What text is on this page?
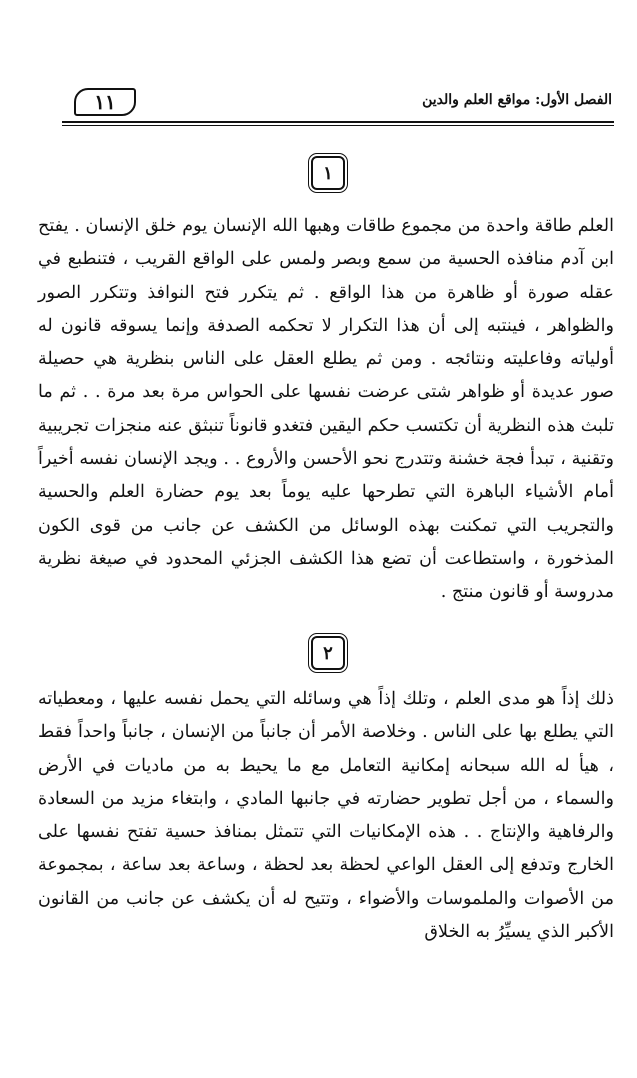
١١	الفصل الأول: مواقع العلم والدين
١

العلم طاقة واحدة من مجموع طاقات وهبها الله الإنسان يوم خلق الإنسان . يفتح ابن آدم منافذه الحسية من سمع وبصر ولمس على الواقع القريب ، فتنطبع في عقله صورة أو ظاهرة من هذا الواقع . ثم يتكرر فتح النوافذ وتتكرر الصور والظواهر ، فينتبه إلى أن هذا التكرار لا تحكمه الصدفة وإنما يسوقه قانون له أولياته وفاعليته ونتائجه . ومن ثم يطلع العقل على الناس بنظرية هي حصيلة صور عديدة أو ظواهر شتى عرضت نفسها على الحواس مرة بعد مرة . . ثم ما تلبث هذه النظرية أن تكتسب حكم اليقين فتغدو قانوناً تنبثق عنه منجزات تجريبية وتقنية ، تبدأ فجة خشنة وتتدرج نحو الأحسن والأروع . . ويجد الإنسان نفسه أخيراً أمام الأشياء الباهرة التي تطرحها عليه يوماً بعد يوم حضارة العلم والحسية والتجريب التي تمكنت بهذه الوسائل من الكشف عن جانب من قوى الكون المذخورة ، واستطاعت أن تضع هذا الكشف الجزئي المحدود في صيغة نظرية مدروسة أو قانون منتج .

٢

ذلك إذاً هو مدى العلم ، وتلك إذاً هي وسائله التي يحمل نفسه عليها ، ومعطياته التي يطلع بها على الناس . وخلاصة الأمر أن جانباً من الإنسان ، جانباً واحداً فقط ، هيأ له الله سبحانه إمكانية التعامل مع ما يحيط به من ماديات في الأرض والسماء ، من أجل تطوير حضارته في جانبها المادي ، وابتغاء مزيد من السعادة والرفاهية والإنتاج . . هذه الإمكانيات التي تتمثل بمنافذ حسية تفتح نفسها على الخارج وتدفع إلى العقل الواعي لحظة بعد لحظة ، وساعة بعد ساعة ، بمجموعة من الأصوات والملموسات والأضواء ، وتتيح له أن يكشف عن جانب من القانون الأكبر الذي يسيِّرُ به الخلاق
